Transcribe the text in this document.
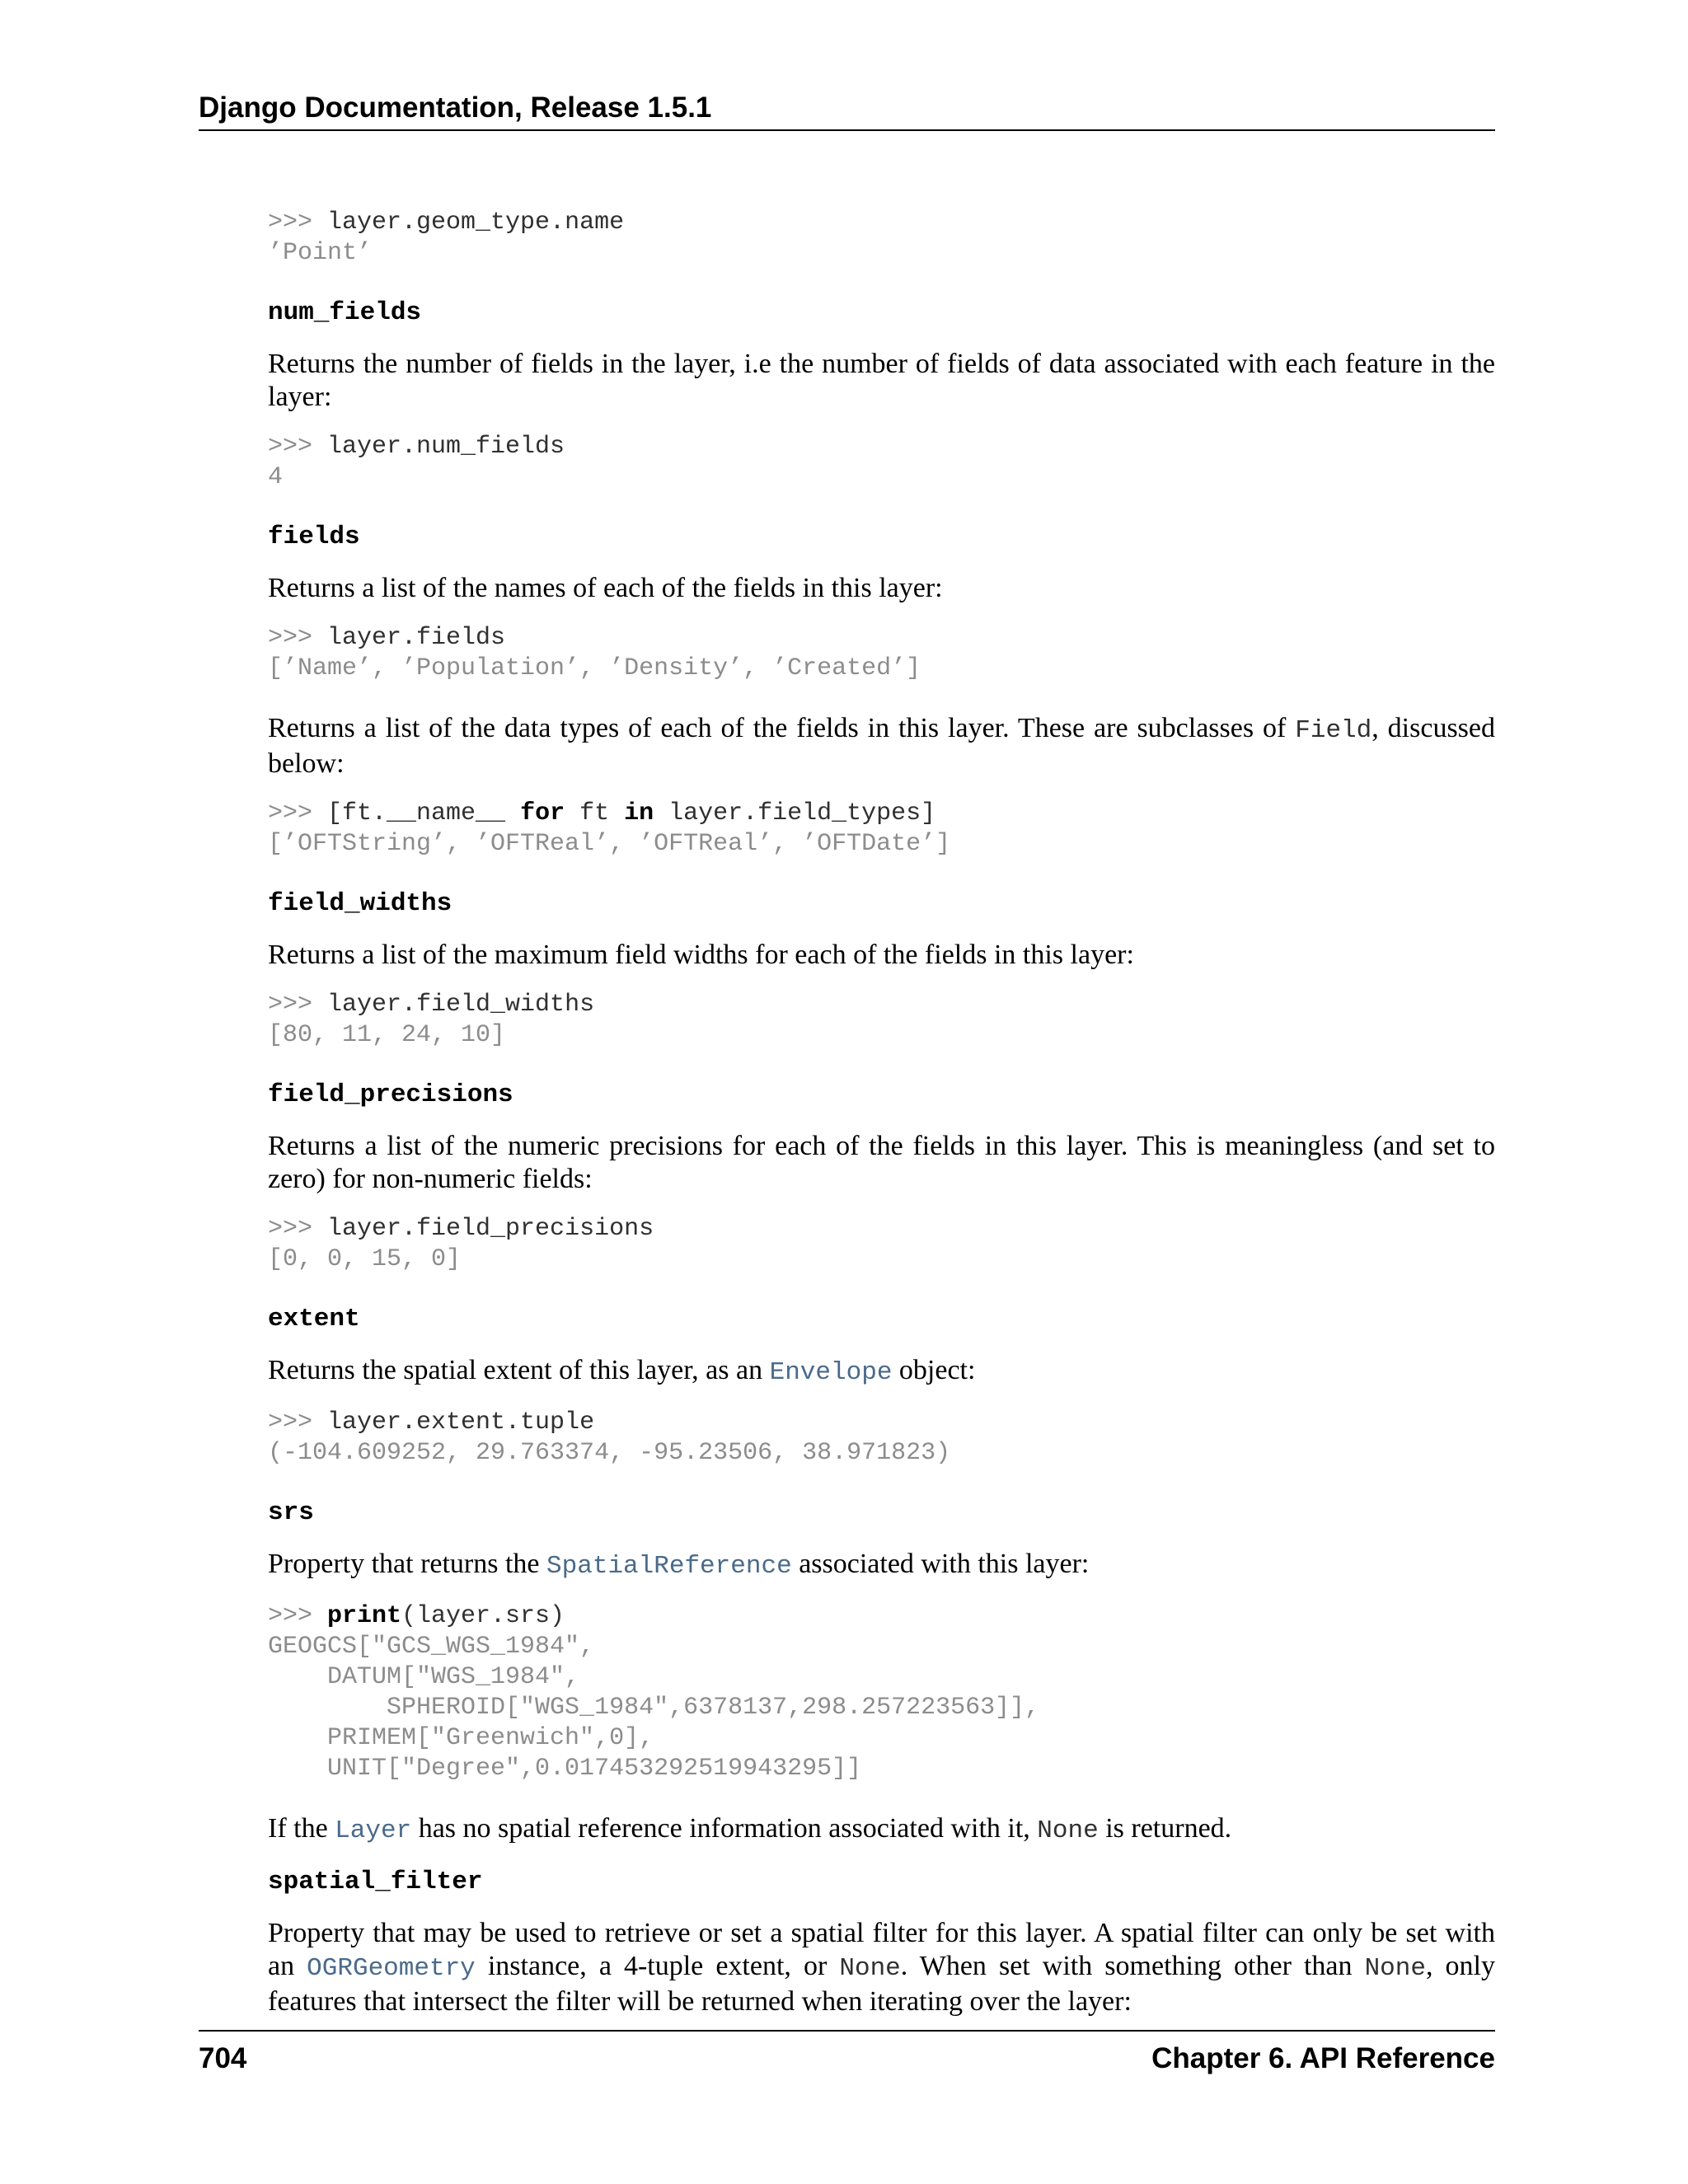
Django Documentation, Release 1.5.1
>>> layer.geom_type.name
’Point’

num_fields

Returns the number of fields in the layer, i.e the number of fields of data associated with each feature in the layer:

>>> layer.num_fields
4

fields

Returns a list of the names of each of the fields in this layer:

>>> layer.fields
[’Name’, ’Population’, ’Density’, ’Created’]

Returns a list of the data types of each of the fields in this layer. These are subclasses of Field, discussed below:

>>> [ft.__name__ for ft in layer.field_types]
[’OFTString’, ’OFTReal’, ’OFTReal’, ’OFTDate’]

field_widths

Returns a list of the maximum field widths for each of the fields in this layer:

>>> layer.field_widths
[80, 11, 24, 10]

field_precisions

Returns a list of the numeric precisions for each of the fields in this layer. This is meaningless (and set to zero) for non-numeric fields:

>>> layer.field_precisions
[0, 0, 15, 0]

extent

Returns the spatial extent of this layer, as an Envelope object:

>>> layer.extent.tuple
(-104.609252, 29.763374, -95.23506, 38.971823)

srs

Property that returns the SpatialReference associated with this layer:

>>> print(layer.srs)
GEOGCS["GCS_WGS_1984",
DATUM["WGS_1984",
SPHEROID["WGS_1984",6378137,298.257223563]],
PRIMEM["Greenwich",0],
UNIT["Degree",0.017453292519943295]]

If the Layer has no spatial reference information associated with it, None is returned.

spatial_filter

Property that may be used to retrieve or set a spatial filter for this layer. A spatial filter can only be set with an OGRGeometry instance, a 4-tuple extent, or None. When set with something other than None, only features that intersect the filter will be returned when iterating over the layer:

704	Chapter 6. API Reference
